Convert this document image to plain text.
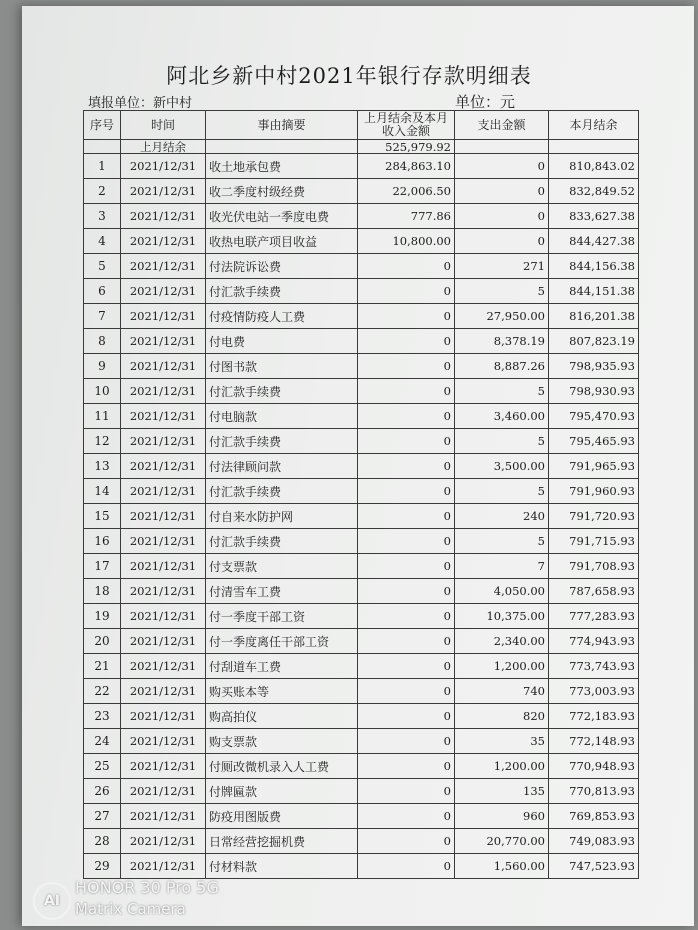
阿北乡新中村2021年银行存款明细表
填报单位：新中村	单位：元
序号	时间	事由摘要	上月结余及本月
收入金额	支出金额	本月结余
	上月结余		525,979.92		
1	2021/12/31	收土地承包费	284,863.10	0	810,843.02
2	2021/12/31	收二季度村级经费	22,006.50	0	832,849.52
3	2021/12/31	收光伏电站一季度电费	777.86	0	833,627.38
4	2021/12/31	收热电联产项目收益	10,800.00	0	844,427.38
5	2021/12/31	付法院诉讼费	0	271	844,156.38
6	2021/12/31	付汇款手续费	0	5	844,151.38
7	2021/12/31	付疫情防疫人工费	0	27,950.00	816,201.38
8	2021/12/31	付电费	0	8,378.19	807,823.19
9	2021/12/31	付图书款	0	8,887.26	798,935.93
10	2021/12/31	付汇款手续费	0	5	798,930.93
11	2021/12/31	付电脑款	0	3,460.00	795,470.93
12	2021/12/31	付汇款手续费	0	5	795,465.93
13	2021/12/31	付法律顾问款	0	3,500.00	791,965.93
14	2021/12/31	付汇款手续费	0	5	791,960.93
15	2021/12/31	付自来水防护网	0	240	791,720.93
16	2021/12/31	付汇款手续费	0	5	791,715.93
17	2021/12/31	付支票款	0	7	791,708.93
18	2021/12/31	付清雪车工费	0	4,050.00	787,658.93
19	2021/12/31	付一季度干部工资	0	10,375.00	777,283.93
20	2021/12/31	付一季度离任干部工资	0	2,340.00	774,943.93
21	2021/12/31	付刮道车工费	0	1,200.00	773,743.93
22	2021/12/31	购买账本等	0	740	773,003.93
23	2021/12/31	购高拍仪	0	820	772,183.93
24	2021/12/31	购支票款	0	35	772,148.93
25	2021/12/31	付厕改微机录入人工费	0	1,200.00	770,948.93
26	2021/12/31	付牌匾款	0	135	770,813.93
27	2021/12/31	防疫用图版费	0	960	769,853.93
28	2021/12/31	日常经营挖掘机费	0	20,770.00	749,083.93
29	2021/12/31	付材料款	0	1,560.00	747,523.93
AI
HONOR 30 Pro 5G
Matrix Camera
